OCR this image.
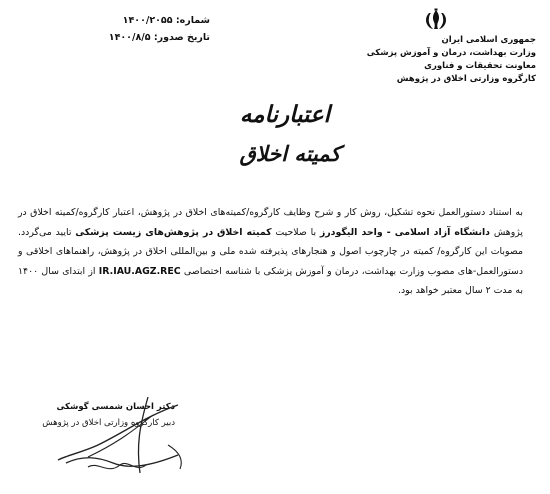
جمهوری اسلامی ایران
وزارت بهداشت، درمان و آموزش پزشکی
معاونت تحقیقات و فناوری
کارگروه وزارتی اخلاق در پژوهش
شماره: ۱۴۰۰/۲۰۵۵
تاریخ صدور: ۱۴۰۰/۸/۵
اعتبارنامه
کمیته اخلاق
به استناد دستورالعمل نحوه تشکیل، روش کار و شرح وظایف کارگروه/کمیته‌های اخلاق در پژوهش، اعتبار کارگروه/کمیته اخلاق در پژوهش دانشگاه آزاد اسلامی - واحد الیگودرز با صلاحیت کمیته اخلاق در پژوهش‌های زیست پزشکی تایید می‌گردد. مصوبات این کارگروه/ کمیته در چارچوب اصول و هنجارهای پذیرفته شده ملی و بین‌المللی اخلاق در پژوهش، راهنماهای اخلاقی و دستورالعمل‌-های مصوب وزارت بهداشت، درمان و آموزش پزشکی با شناسه اختصاصی IR.IAU.AGZ.REC از ابتدای سال ۱۴۰۰ به مدت ۲ سال معتبر خواهد بود.
دکتر احسان شمسی گوشکی
دبیر کارگروه وزارتی اخلاق در پژوهش
